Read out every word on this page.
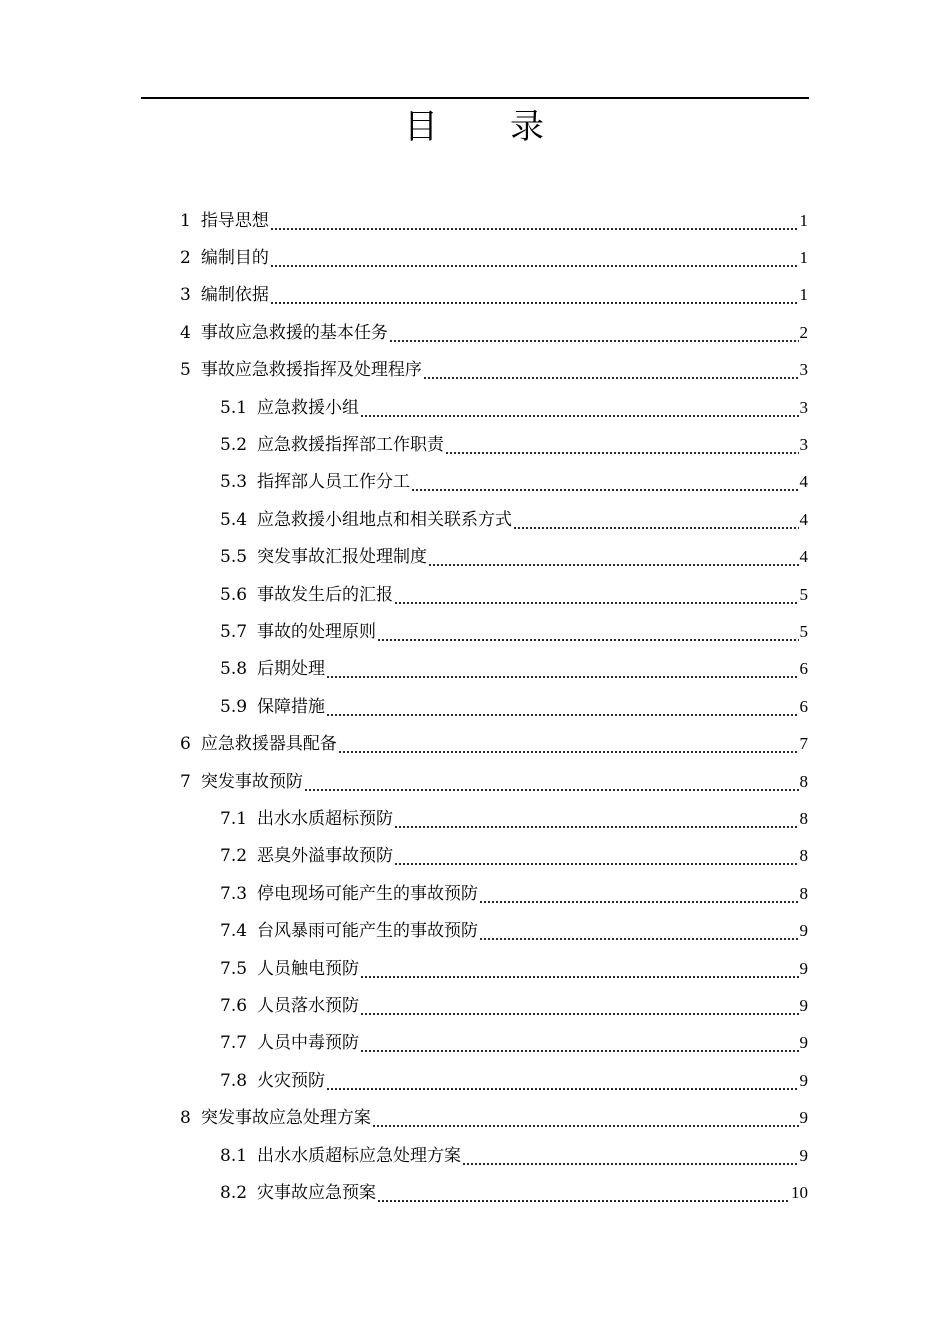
目 录
1 指导思想	1
2 编制目的	1
3 编制依据	1
4 事故应急救援的基本任务	2
5 事故应急救援指挥及处理程序	3
5.1 应急救援小组	3
5.2 应急救援指挥部工作职责	3
5.3 指挥部人员工作分工	4
5.4 应急救援小组地点和相关联系方式	4
5.5 突发事故汇报处理制度	4
5.6 事故发生后的汇报	5
5.7 事故的处理原则	5
5.8 后期处理	6
5.9 保障措施	6
6 应急救援器具配备	7
7 突发事故预防	8
7.1 出水水质超标预防	8
7.2 恶臭外溢事故预防	8
7.3 停电现场可能产生的事故预防	8
7.4 台风暴雨可能产生的事故预防	9
7.5 人员触电预防	9
7.6 人员落水预防	9
7.7 人员中毒预防	9
7.8 火灾预防	9
8 突发事故应急处理方案	9
8.1 出水水质超标应急处理方案	9
8.2 灾事故应急预案	10
